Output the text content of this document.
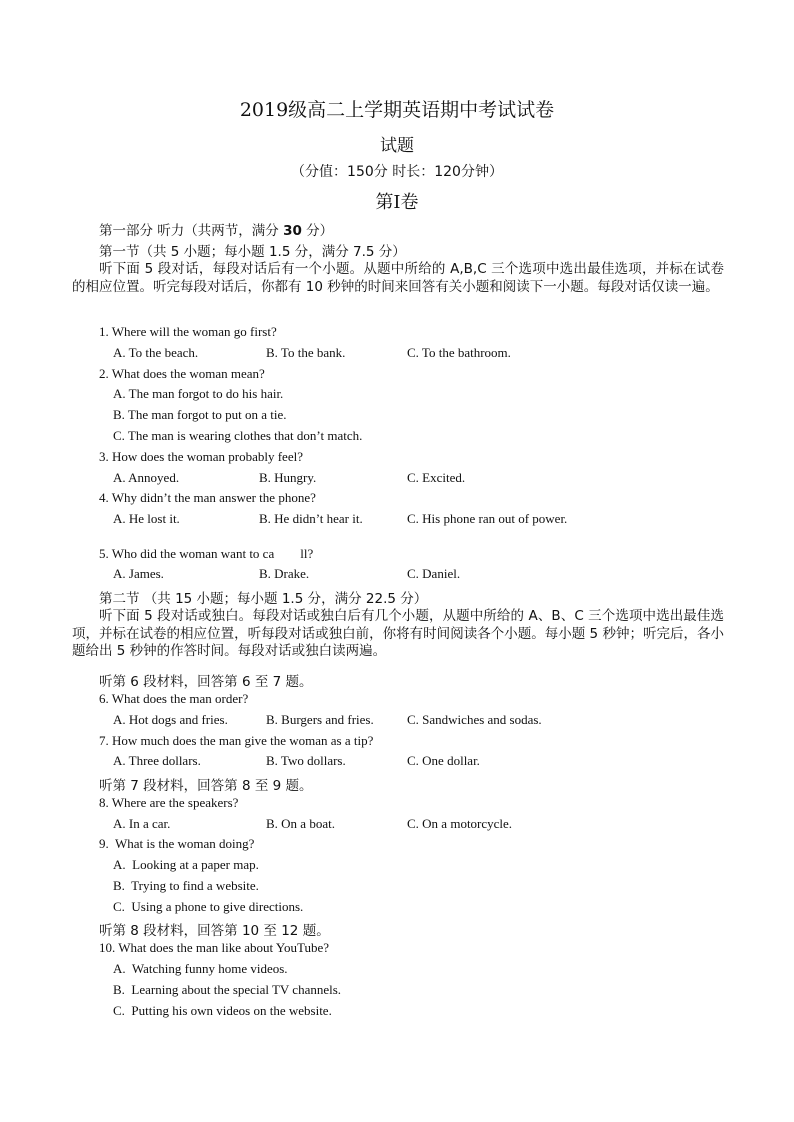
2019级高二上学期英语期中考试试卷
试题
（分值：150分 时长：120分钟）
第Ⅰ卷
第一部分 听力（共两节，满分 30 分）
第一节（共 5 小题；每小题 1.5 分，满分 7.5 分）
听下面 5 段对话，每段对话后有一个小题。从题中所给的 A,B,C 三个选项中选出最佳选项，并标在试卷的相应位置。听完每段对话后，你都有 10 秒钟的时间来回答有关小题和阅读下一小题。每段对话仅读一遍。
1. Where will the woman go first?
A. To the beach.	B. To the bank.	C. To the bathroom.
2. What does the woman mean?
A. The man forgot to do his hair.
B. The man forgot to put on a tie.
C. The man is wearing clothes that don’t match.
3. How does the woman probably feel?
A. Annoyed.	B. Hungry.	C. Excited.
4. Why didn’t the man answer the phone?
A. He lost it.	B. He didn’t hear it.	C. His phone ran out of power.
5. Who did the woman want to ca        ll?
A. James.	B. Drake.	C. Daniel.
第二节 （共 15 小题；每小题 1.5 分，满分 22.5 分）
听下面 5 段对话或独白。每段对话或独白后有几个小题，从题中所给的 A、B、C 三个选项中选出最佳选项，并标在试卷的相应位置，听每段对话或独白前，你将有时间阅读各个小题。每小题 5 秒钟；听完后，各小题给出 5 秒钟的作答时间。每段对话或独白读两遍。
听第 6 段材料，回答第 6 至 7 题。
6. What does the man order?
A. Hot dogs and fries.	B. Burgers and fries.	C. Sandwiches and sodas.
7. How much does the man give the woman as a tip?
A. Three dollars.	B. Two dollars.	C. One dollar.
听第 7 段材料，回答第 8 至 9 题。
8. Where are the speakers?
A. In a car.	B. On a boat.	C. On a motorcycle.
9.  What is the woman doing?
A.  Looking at a paper map.
B.  Trying to find a website.
C.  Using a phone to give directions.
听第 8 段材料，回答第 10 至 12 题。
10. What does the man like about YouTube?
A.  Watching funny home videos.
B.  Learning about the special TV channels.
C.  Putting his own videos on the website.
